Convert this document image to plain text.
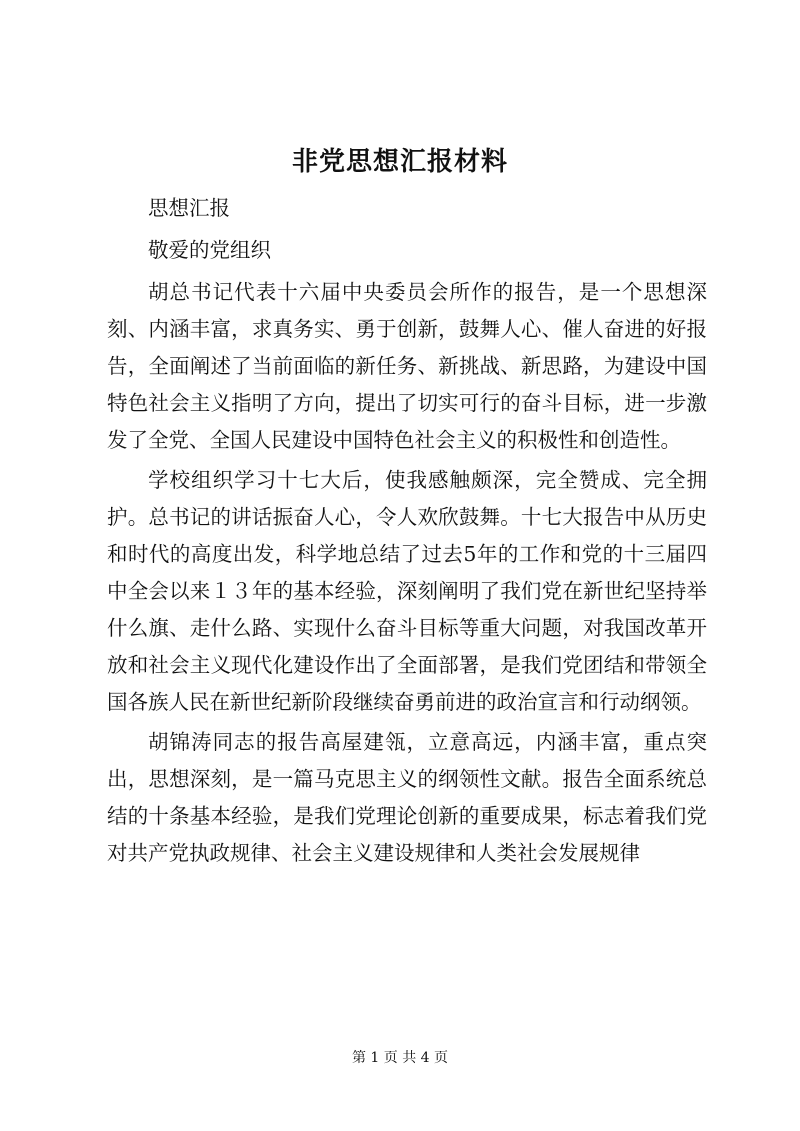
非党思想汇报材料

思想汇报

敬爱的党组织

胡总书记代表十六届中央委员会所作的报告，是一个思想深刻、内涵丰富，求真务实、勇于创新，鼓舞人心、催人奋进的好报告，全面阐述了当前面临的新任务、新挑战、新思路，为建设中国特色社会主义指明了方向，提出了切实可行的奋斗目标，进一步激发了全党、全国人民建设中国特色社会主义的积极性和创造性。

学校组织学习十七大后，使我感触颇深，完全赞成、完全拥护。总书记的讲话振奋人心，令人欢欣鼓舞。十七大报告中从历史和时代的高度出发，科学地总结了过去5年的工作和党的十三届四中全会以来１３年的基本经验，深刻阐明了我们党在新世纪坚持举什么旗、走什么路、实现什么奋斗目标等重大问题，对我国改革开放和社会主义现代化建设作出了全面部署，是我们党团结和带领全国各族人民在新世纪新阶段继续奋勇前进的政治宣言和行动纲领。

胡锦涛同志的报告高屋建瓴，立意高远，内涵丰富，重点突出，思想深刻，是一篇马克思主义的纲领性文献。报告全面系统总结的十条基本经验，是我们党理论创新的重要成果，标志着我们党对共产党执政规律、社会主义建设规律和人类社会发展规律

第 1 页 共 4 页
